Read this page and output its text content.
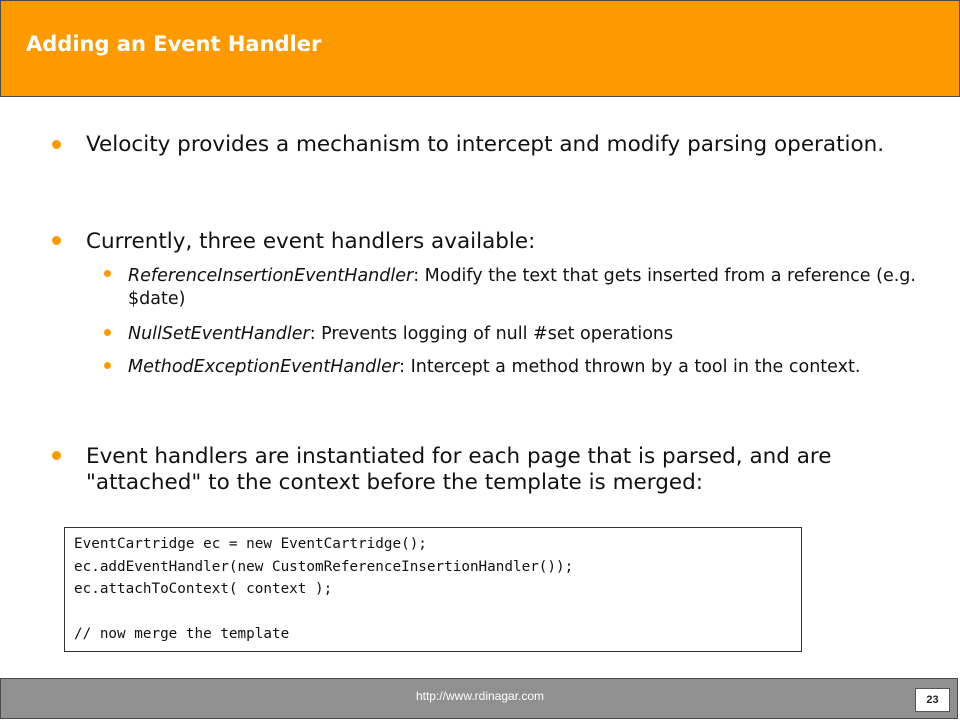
Adding an Event Handler
Velocity provides a mechanism to intercept and modify parsing operation.
Currently, three event handlers available:
ReferenceInsertionEventHandler: Modify the text that gets inserted from a reference (e.g. $date)
NullSetEventHandler: Prevents logging of null #set operations
MethodExceptionEventHandler: Intercept a method thrown by a tool in the context.
Event handlers are instantiated for each page that is parsed, and are "attached" to the context before the template is merged:
EventCartridge ec = new EventCartridge();
ec.addEventHandler(new CustomReferenceInsertionHandler());
ec.attachToContext( context );
// now merge the template
http://www.rdinagar.com	23
